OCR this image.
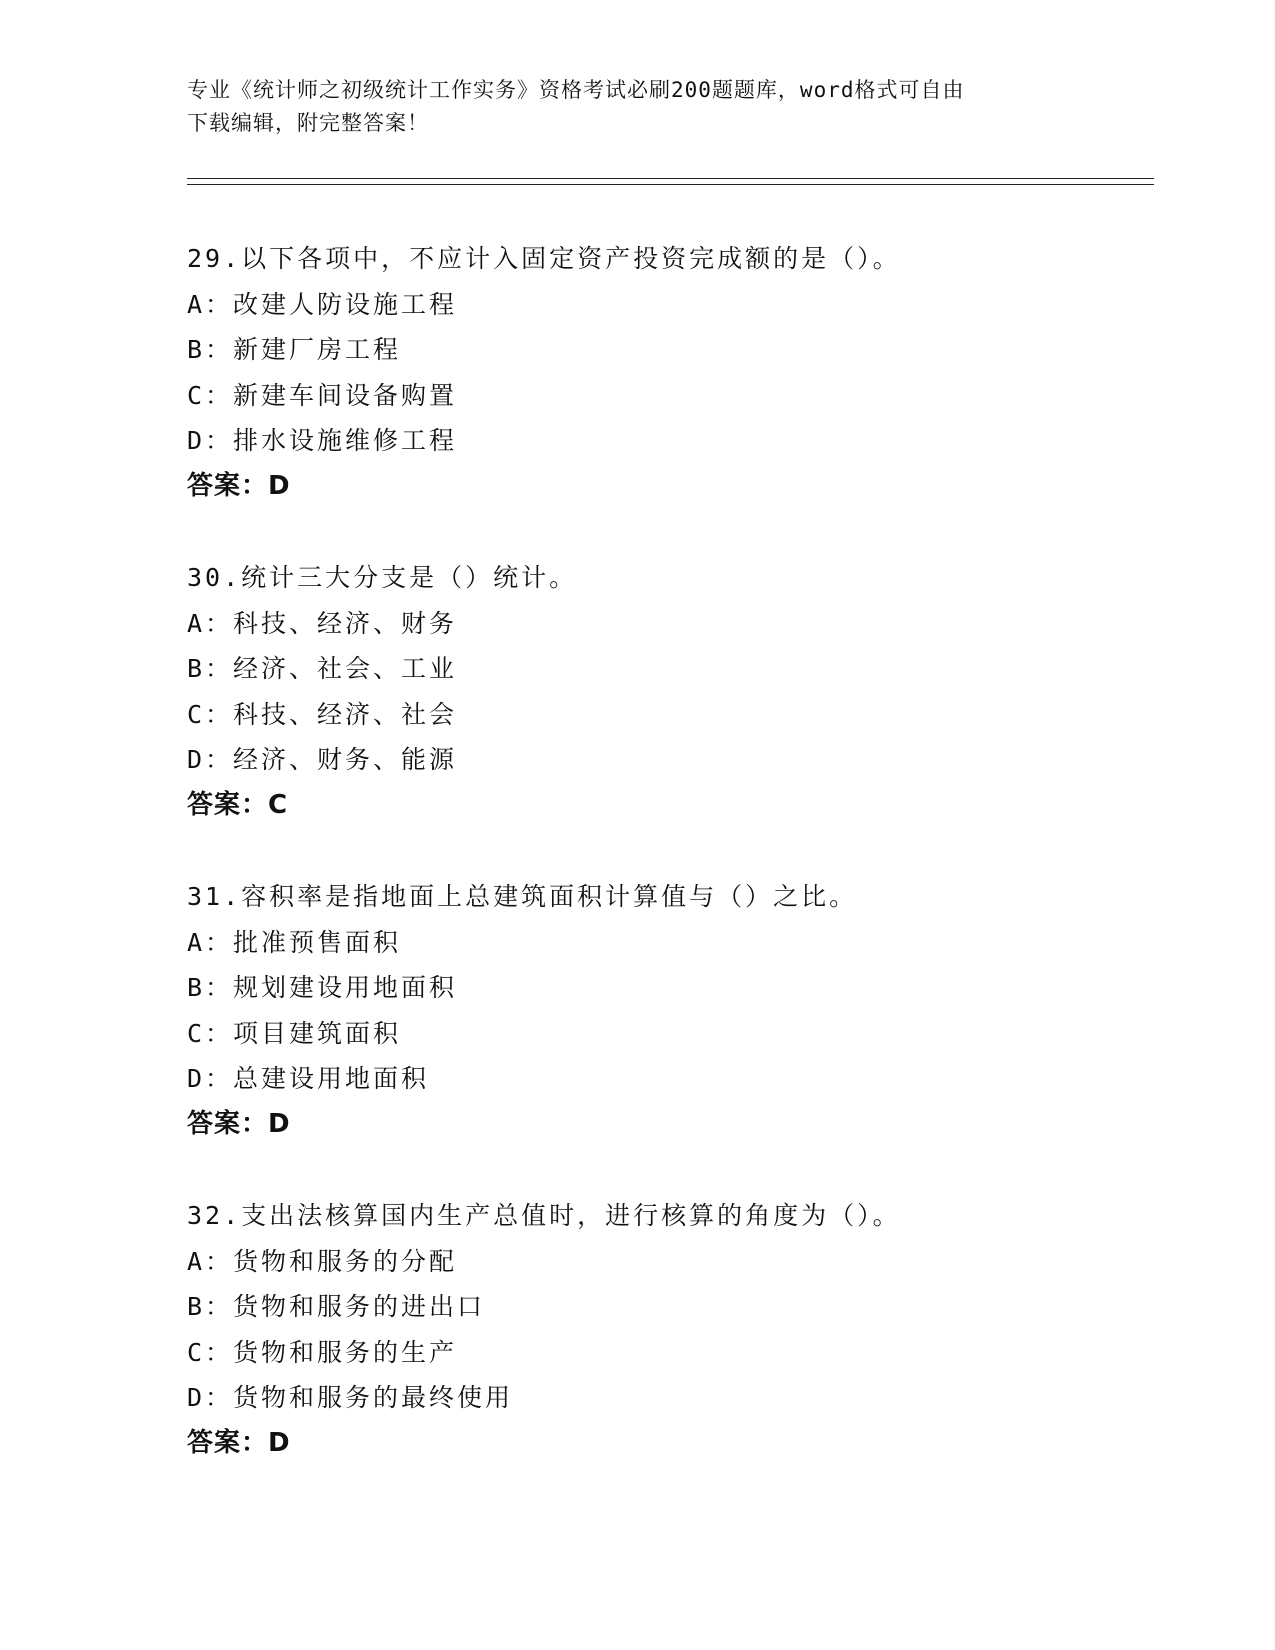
专业《统计师之初级统计工作实务》资格考试必刷200题题库，word格式可自由
下载编辑，附完整答案！
29.以下各项中，不应计入固定资产投资完成额的是（）。
A：改建人防设施工程
B：新建厂房工程
C：新建车间设备购置
D：排水设施维修工程
答案：D
30.统计三大分支是（）统计。
A：科技、经济、财务
B：经济、社会、工业
C：科技、经济、社会
D：经济、财务、能源
答案：C
31.容积率是指地面上总建筑面积计算值与（）之比。
A：批准预售面积
B：规划建设用地面积
C：项目建筑面积
D：总建设用地面积
答案：D
32.支出法核算国内生产总值时，进行核算的角度为（）。
A：货物和服务的分配
B：货物和服务的进出口
C：货物和服务的生产
D：货物和服务的最终使用
答案：D
